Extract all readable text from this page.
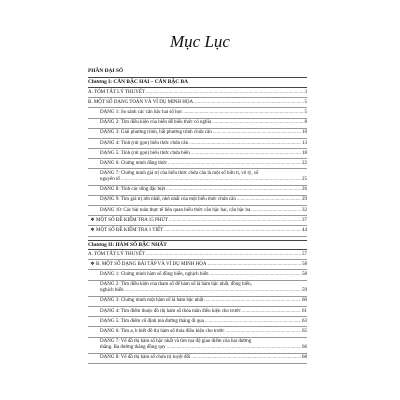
Mục Lục
PHẦN ĐẠI SỐ
Chương I: CĂN BẬC HAI – CĂN BẬC BA
A. TÓM TẮT LÝ THUYẾT .....	3
B. MỘT SỐ DẠNG TOÁN VÀ VÍ DỤ MINH HỌA .....	5
DẠNG 1: So sánh các căn bậc hai số học .....	5
DẠNG 2: Tìm điều kiện của biến để biểu thức có nghĩa .....	8
DẠNG 3: Giải phương trình, bất phương trình chứa căn .....	10
DẠNG 4: Tính (rút gọn) biểu thức chứa căn .....	13
DẠNG 5: Tính (rút gọn) biểu thức chứa biến .....	18
DẠNG 6: Chứng minh đẳng thức .....	22
DẠNG 7: Chứng minh giá trị của biểu thức chứa căn là một số hữu tỉ, vô tỷ, số
nguyên tố .....	25
DẠNG 8: Tính các tổng đặc biệt .....	26
DẠNG 9: Tìm giá trị lớn nhất, nhỏ nhất của một biểu thức chứa căn .....	29
DẠNG 10: Các bài toán thực tế liên quan biểu thức căn bậc hai, căn bậc ba .....	32
❖ MỘT SỐ ĐỀ KIỂM TRA 15 PHÚT .....	37
❖ MỘT SỐ ĐỀ KIỂM TRA 1 TIẾT .....	44
Chương II: HÀM SỐ BẬC NHẤT
A. TÓM TẮT LÝ THUYẾT .....	57
❖ B. MỘT SỐ DẠNG BÀI TẬP VÀ VÍ DỤ MINH HỌA .....	58
DẠNG 1: Chứng minh hàm số đồng biến, nghịch biến .....	58
DẠNG 2: Tìm điều kiện của tham số để hàm số là hàm bậc nhất, đồng biến,
nghịch biến .....	59
DẠNG 3: Chứng minh một hàm số là hàm bậc nhất .....	60
DẠNG 4: Tìm điểm thuộc đồ thị hàm số thỏa mãn điều kiện cho trước .....	61
DẠNG 5: Tìm điểm cố định mà đường thẳng đi qua .....	63
DẠNG 6: Tìm a, b biết đồ thị hàm số thỏa điều kiện cho trước .....	65
DẠNG 7: Vẽ đồ thị hàm số bậc nhất và tìm tọa độ giao điểm của hai đường
thẳng. Ba đường thẳng đồng quy .....	66
DẠNG 8: Vẽ đồ thị hàm số chứa trị tuyệt đối .....	68
